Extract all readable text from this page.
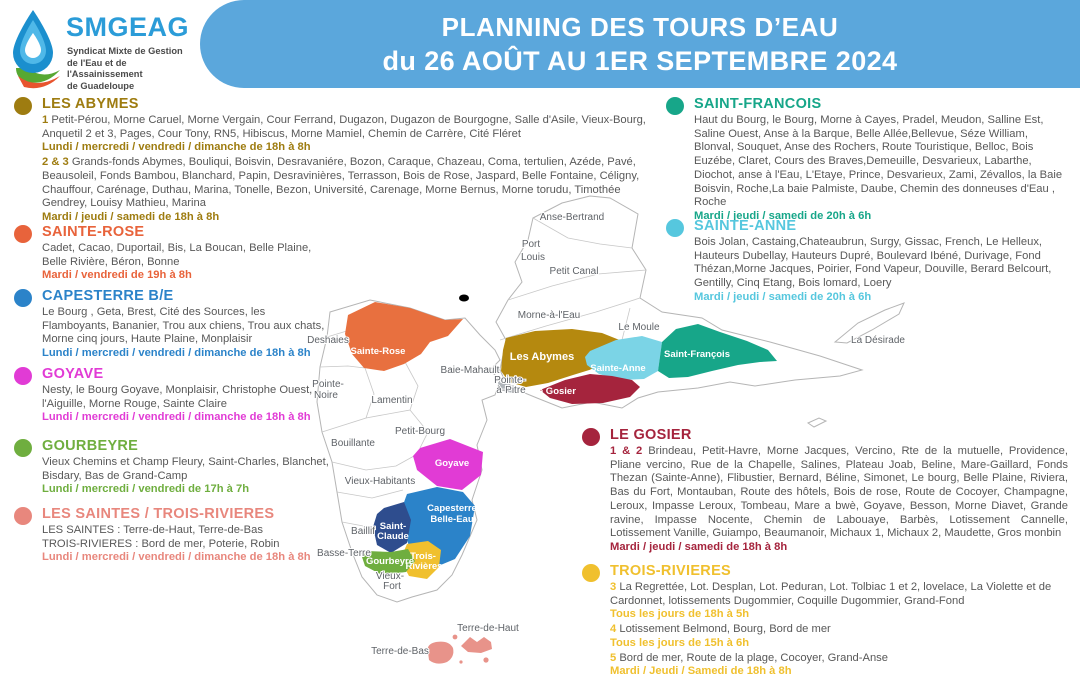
SMGEAG
Syndicat Mixte de Gestion
de l'Eau et de l'Assainissement
de Guadeloupe
PLANNING DES TOURS D’EAU
du 26 AOÛT AU 1ER SEPTEMBRE 2024
LES ABYMES

1 Petit-Pérou, Morne Caruel, Morne Vergain, Cour Ferrand, Dugazon, Dugazon de Bourgogne, Salle d'Asile, Vieux-Bourg, Anquetil 2 et 3, Pages, Cour Tony, RN5, Hibiscus, Morne Mamiel, Chemin de Carrère, Cité Fléret

Lundi / mercredi / vendredi / dimanche de 18h à 8h

2 & 3 Grands-fonds Abymes, Bouliqui, Boisvin, Desravaniére, Bozon, Caraque, Chazeau, Coma, tertulien, Azéde, Pavé, Beausoleil, Fonds Bambou, Blanchard, Papin, Desravinières, Terrasson, Bois de Rose, Jaspard, Belle Fontaine, Céligny, Chauffour, Carénage, Duthau, Marina, Tonelle, Bezon, Université, Carenage, Morne Bernus, Morne torudu, Timothée Gendrey, Louisy Mathieu, Marina

Mardi / jeudi / samedi de 18h à 8h

SAINTE-ROSE

Cadet, Cacao, Duportail, Bis, La Boucan, Belle Plaine, Belle Rivière, Béron, Bonne

Mardi / vendredi de 19h à 8h

CAPESTERRE B/E

Le Bourg , Geta, Brest, Cité des Sources, les Flamboyants, Bananier, Trou aux chiens, Trou aux chats, Morne cinq jours, Haute Plaine, Monplaisir

Lundi / mercredi / vendredi / dimanche de 18h à 8h

GOYAVE

Nesty, le Bourg Goyave, Monplaisir, Christophe Ouest, l'Aiguille, Morne Rouge, Sainte Claire

Lundi / mercredi / vendredi / dimanche de 18h à 8h

GOURBEYRE

Vieux Chemins et Champ Fleury, Saint-Charles, Blanchet, Bisdary, Bas de Grand-Camp

Lundi / mercredi / vendredi de 17h à 7h

LES SAINTES / TROIS-RIVIERES

LES SAINTES : Terre-de-Haut, Terre-de-Bas

TROIS-RIVIERES : Bord de mer, Poterie, Robin

Lundi / mercredi / vendredi / dimanche de 18h à 8h

SAINT-FRANCOIS

Haut du Bourg, le Bourg, Morne à Cayes, Pradel, Meudon, Salline Est, Saline Ouest, Anse à la Barque, Belle Allée,Bellevue, Séze William, Blonval, Souquet, Anse des Rochers, Route Touristique, Belloc, Bois Euzébe, Claret, Cours des Braves,Demeuille, Desvarieux, Labarthe, Diochot, anse à l'Eau, L'Etaye, Prince, Desvarieux, Zami, Zévallos, la Baie Boisvin, Roche,La baie Palmiste, Daube, Chemin des donneuses d'Eau , Roche

Mardi / jeudi / samedi de 20h à 6h

SAINTE-ANNE

Bois Jolan, Castaing,Chateaubrun, Surgy, Gissac, French, Le Helleux, Hauteurs Dubellay, Hauteurs Dupré, Boulevard Ibéné, Durivage, Fond Thézan,Morne Jacques, Poirier, Fond Vapeur, Douville, Berard Belcourt, Gentilly, Cinq Etang, Bois lomard, Loery

Mardi / jeudi / samedi de 20h à 6h

LE GOSIER

1 & 2 Brindeau, Petit-Havre, Morne Jacques, Vercino, Rte de la mutuelle, Providence, Pliane vercino, Rue de la Chapelle, Salines, Plateau Joab, Beline, Mare-Gaillard, Fonds Thezan (Sainte-Anne), Flibustier, Bernard, Béline, Simonet, Le bourg, Belle Plaine, Riviera, Bas du Fort, Montauban, Route des hôtels, Bois de rose, Route de Cocoyer, Champagne, Leroux, Impasse Leroux, Tombeau, Mare a bwè, Goyave, Besson, Morne Diavet, Grande ravine, Impasse Nocente, Chemin de Labouaye, Barbès, Lotissement Cannelle, Lotissement Vanille, Guiampo, Beaumanoir, Michaux 1, Michaux 2, Maudette, Gros monbin

Mardi / jeudi / samedi de 18h à 8h

TROIS-RIVIERES

3 La Regrettée, Lot. Desplan, Lot. Peduran, Lot. Tolbiac 1 et 2, lovelace, La Violette et de Cardonnet, lotissements Dugommier, Coquille Dugommier, Grand-Fond

Tous les jours de 18h à 5h

4 Lotissement Belmond, Bourg, Bord de mer

Tous les jours de 15h à 6h

5 Bord de mer, Route de la plage, Cocoyer, Grand-Anse

Mardi / Jeudi / Samedi de 18h à 8h

Anse-Bertrand
Port
Louis
Petit Canal
Morne-à-l'Eau
Le Moule
Deshaies
Baie-Mahault
Pointe-
Noire	Lamentin
Pointe-
à-Pitre
Petit-Bourg
Bouillante
Vieux-Habitants
Baillif
Basse-Terre
Vieux-
Fort
Terre-de-Haut
Terre-de-Bas
La Désirade
Sainte-Rose	Les Abymes
Sainte-Anne
Saint-François
Le Gosier
Goyave
Capesterre
Belle-Eau
Saint-
Claude
Gourbeyre
Trois-
Rivières
